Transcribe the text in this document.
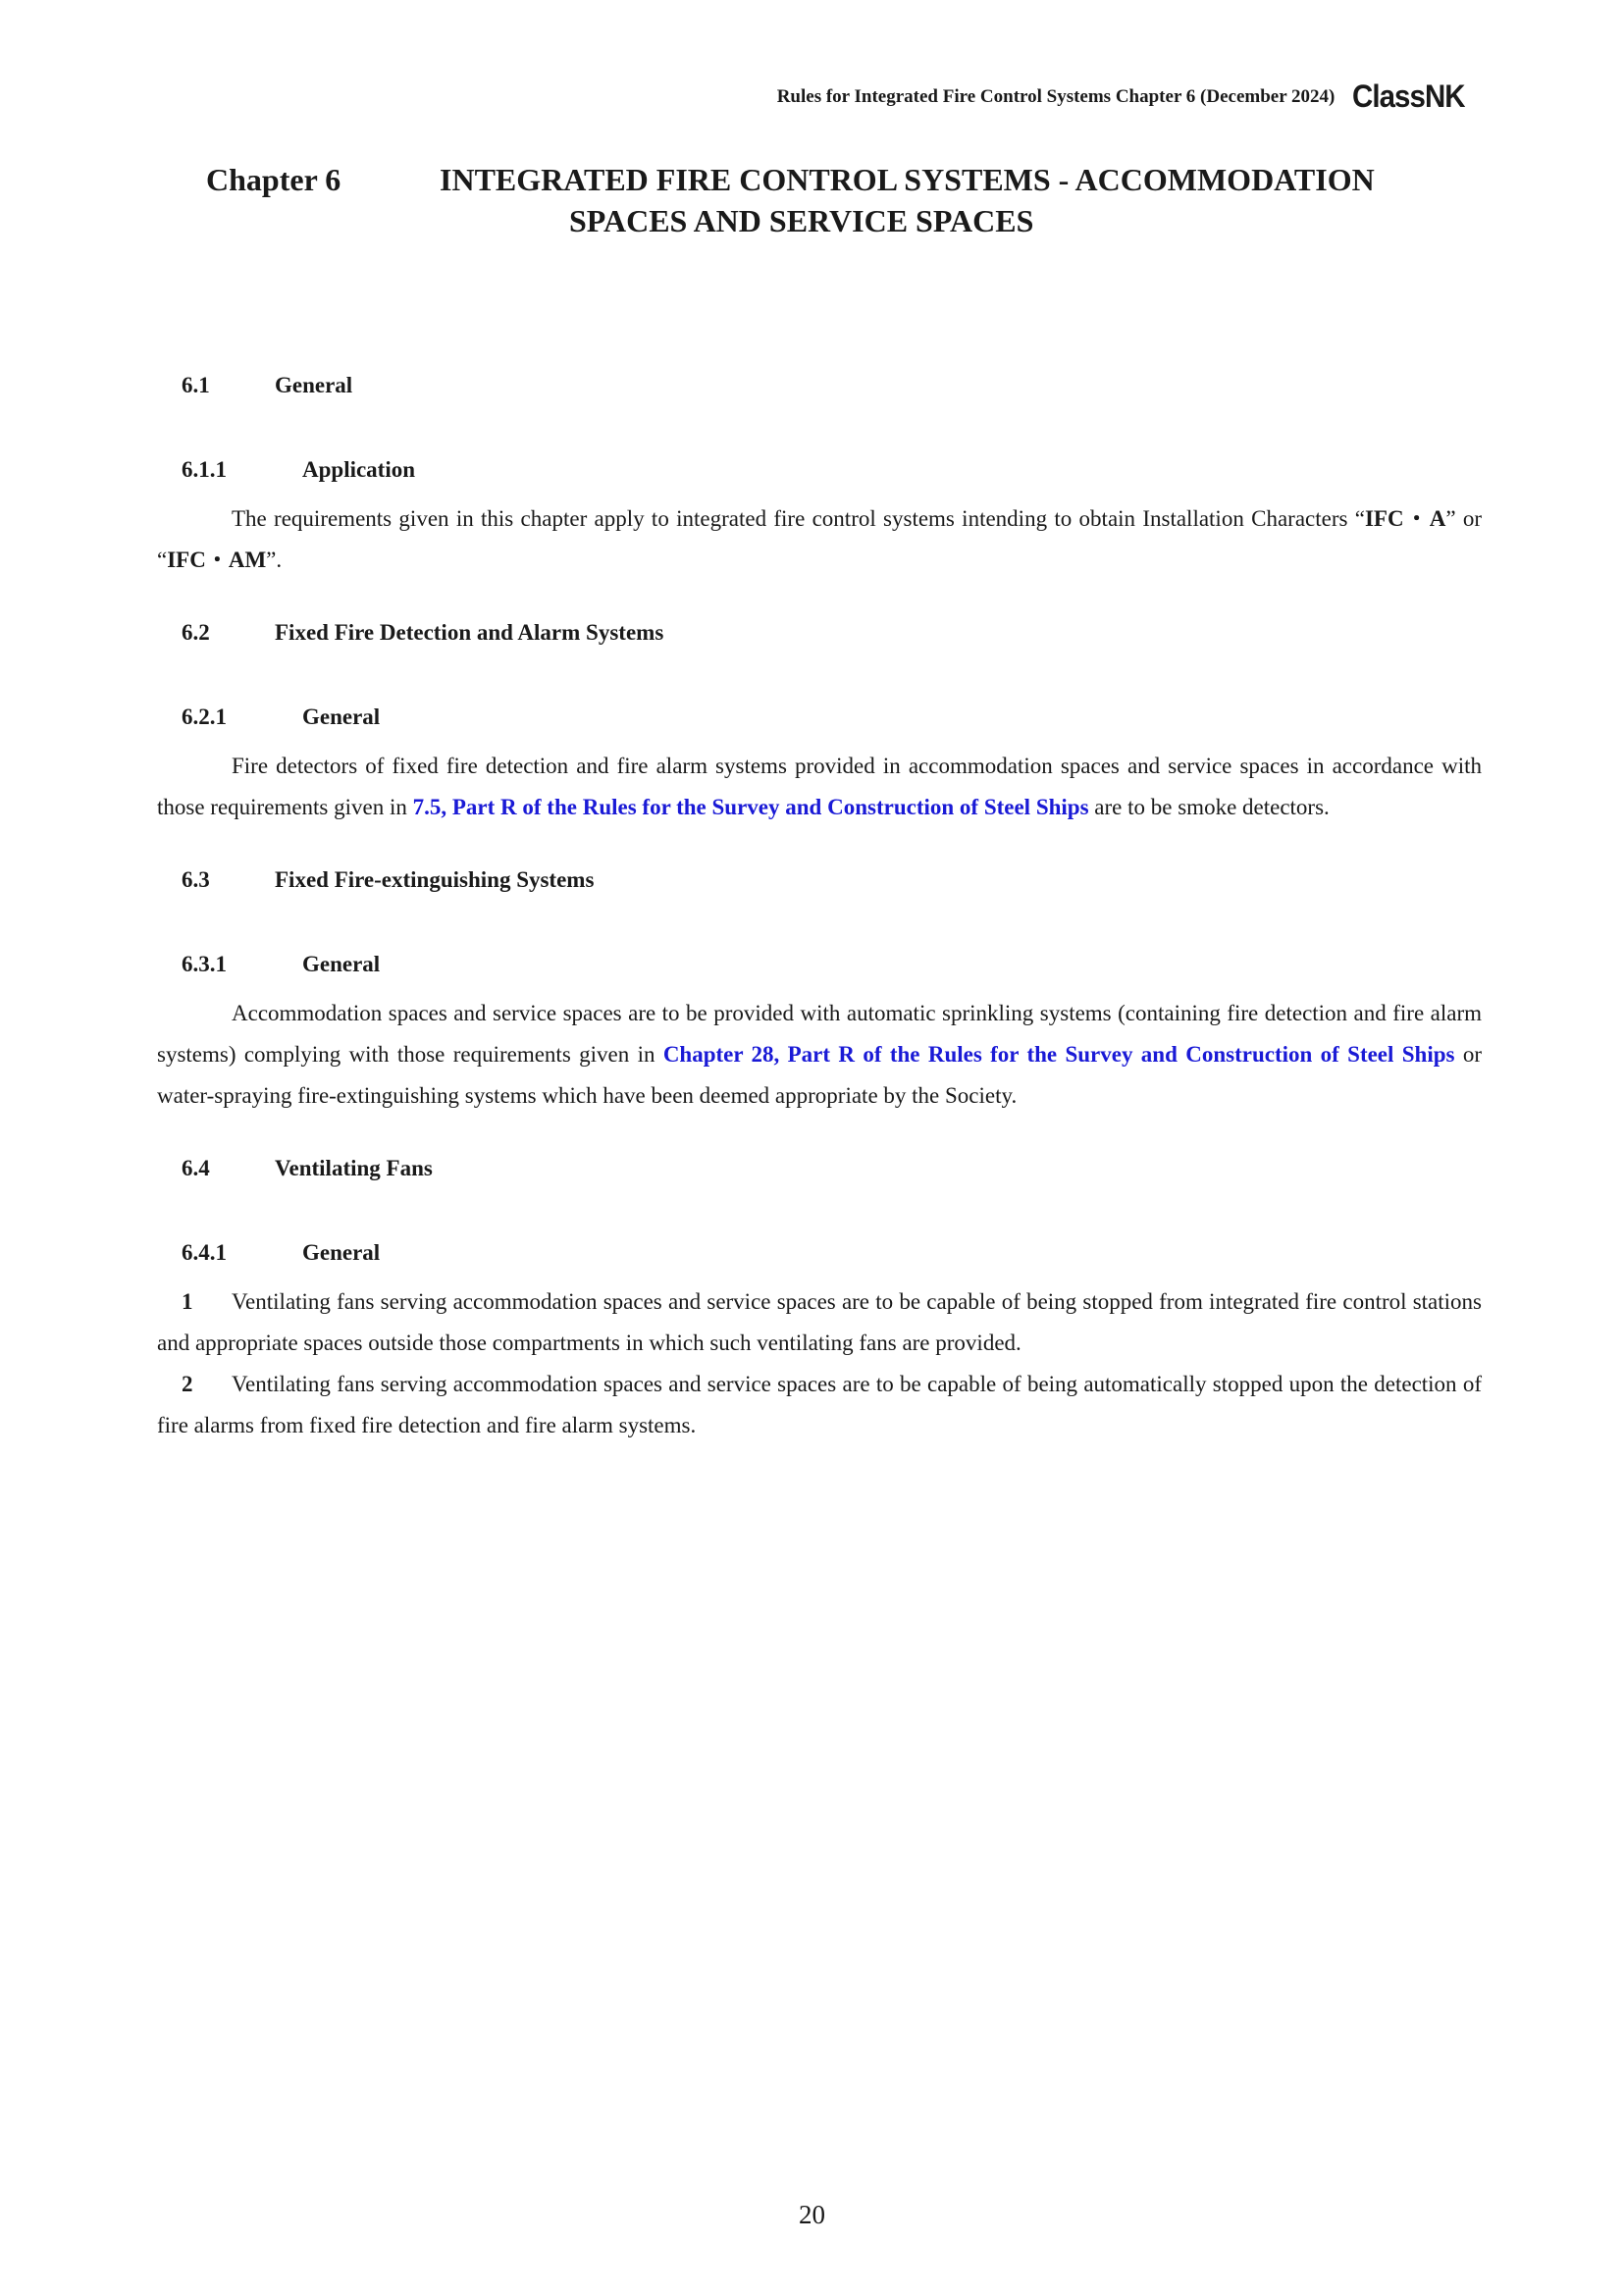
Rules for Integrated Fire Control Systems Chapter 6 (December 2024) ClassNK
Chapter 6	INTEGRATED FIRE CONTROL SYSTEMS - ACCOMMODATION
SPACES AND SERVICE SPACES
6.1	General
6.1.1	Application

The requirements given in this chapter apply to integrated fire control systems intending to obtain Installation Characters “IFC・A” or “IFC・AM”.

6.2	Fixed Fire Detection and Alarm Systems
6.2.1	General

Fire detectors of fixed fire detection and fire alarm systems provided in accommodation spaces and service spaces in accordance with those requirements given in 7.5, Part R of the Rules for the Survey and Construction of Steel Ships are to be smoke detectors.

6.3	Fixed Fire-extinguishing Systems
6.3.1	General

Accommodation spaces and service spaces are to be provided with automatic sprinkling systems (containing fire detection and fire alarm systems) complying with those requirements given in Chapter 28, Part R of the Rules for the Survey and Construction of Steel Ships or water-spraying fire-extinguishing systems which have been deemed appropriate by the Society.

6.4	Ventilating Fans
6.4.1	General

1 Ventilating fans serving accommodation spaces and service spaces are to be capable of being stopped from integrated fire control stations and appropriate spaces outside those compartments in which such ventilating fans are provided.

2 Ventilating fans serving accommodation spaces and service spaces are to be capable of being automatically stopped upon the detection of fire alarms from fixed fire detection and fire alarm systems.

20
